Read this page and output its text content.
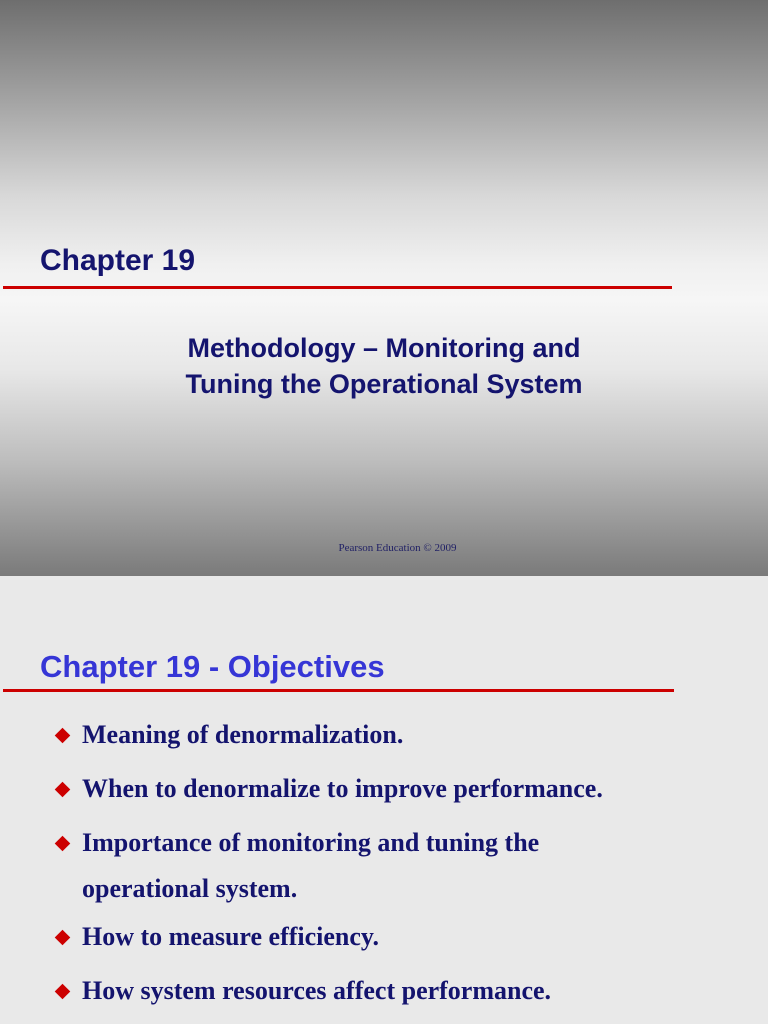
Chapter 19
Methodology – Monitoring and
Tuning the Operational System
Pearson Education © 2009
Chapter 19 - Objectives
Meaning of denormalization.
When to denormalize to improve performance.
Importance of monitoring and tuning the
operational system.
How to measure efficiency.
How system resources affect performance.
